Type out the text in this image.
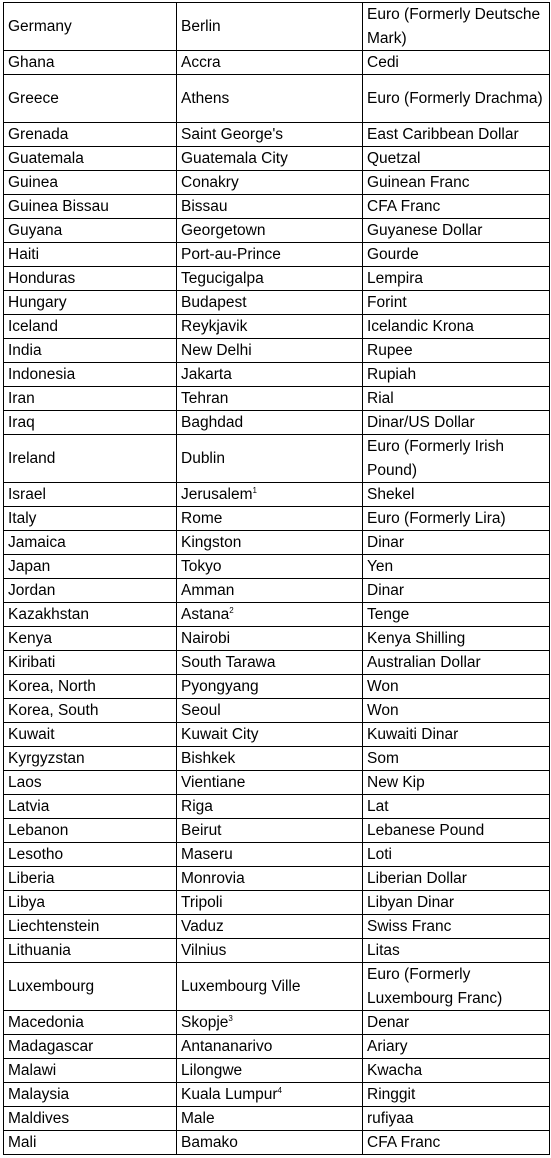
Germany	Berlin	Euro (Formerly Deutsche Mark)
Ghana	Accra	Cedi
Greece	Athens	Euro (Formerly Drachma)
Grenada	Saint George's	East Caribbean Dollar
Guatemala	Guatemala City	Quetzal
Guinea	Conakry	Guinean Franc
Guinea Bissau	Bissau	CFA Franc
Guyana	Georgetown	Guyanese Dollar
Haiti	Port-au-Prince	Gourde
Honduras	Tegucigalpa	Lempira
Hungary	Budapest	Forint
Iceland	Reykjavik	Icelandic Krona
India	New Delhi	Rupee
Indonesia	Jakarta	Rupiah
Iran	Tehran	Rial
Iraq	Baghdad	Dinar/US Dollar
Ireland	Dublin	Euro (Formerly Irish Pound)
Israel	Jerusalem$^1$	Shekel
Italy	Rome	Euro (Formerly Lira)
Jamaica	Kingston	Dinar
Japan	Tokyo	Yen
Jordan	Amman	Dinar
Kazakhstan	Astana$^2$	Tenge
Kenya	Nairobi	Kenya Shilling
Kiribati	South Tarawa	Australian Dollar
Korea, North	Pyongyang	Won
Korea, South	Seoul	Won
Kuwait	Kuwait City	Kuwaiti Dinar
Kyrgyzstan	Bishkek	Som
Laos	Vientiane	New Kip
Latvia	Riga	Lat
Lebanon	Beirut	Lebanese Pound
Lesotho	Maseru	Loti
Liberia	Monrovia	Liberian Dollar
Libya	Tripoli	Libyan Dinar
Liechtenstein	Vaduz	Swiss Franc
Lithuania	Vilnius	Litas
Luxembourg	Luxembourg Ville	Euro (Formerly Luxembourg Franc)
Macedonia	Skopje$^3$	Denar
Madagascar	Antananarivo	Ariary
Malawi	Lilongwe	Kwacha
Malaysia	Kuala Lumpur$^4$	Ringgit
Maldives	Male	rufiyaa
Mali	Bamako	CFA Franc
